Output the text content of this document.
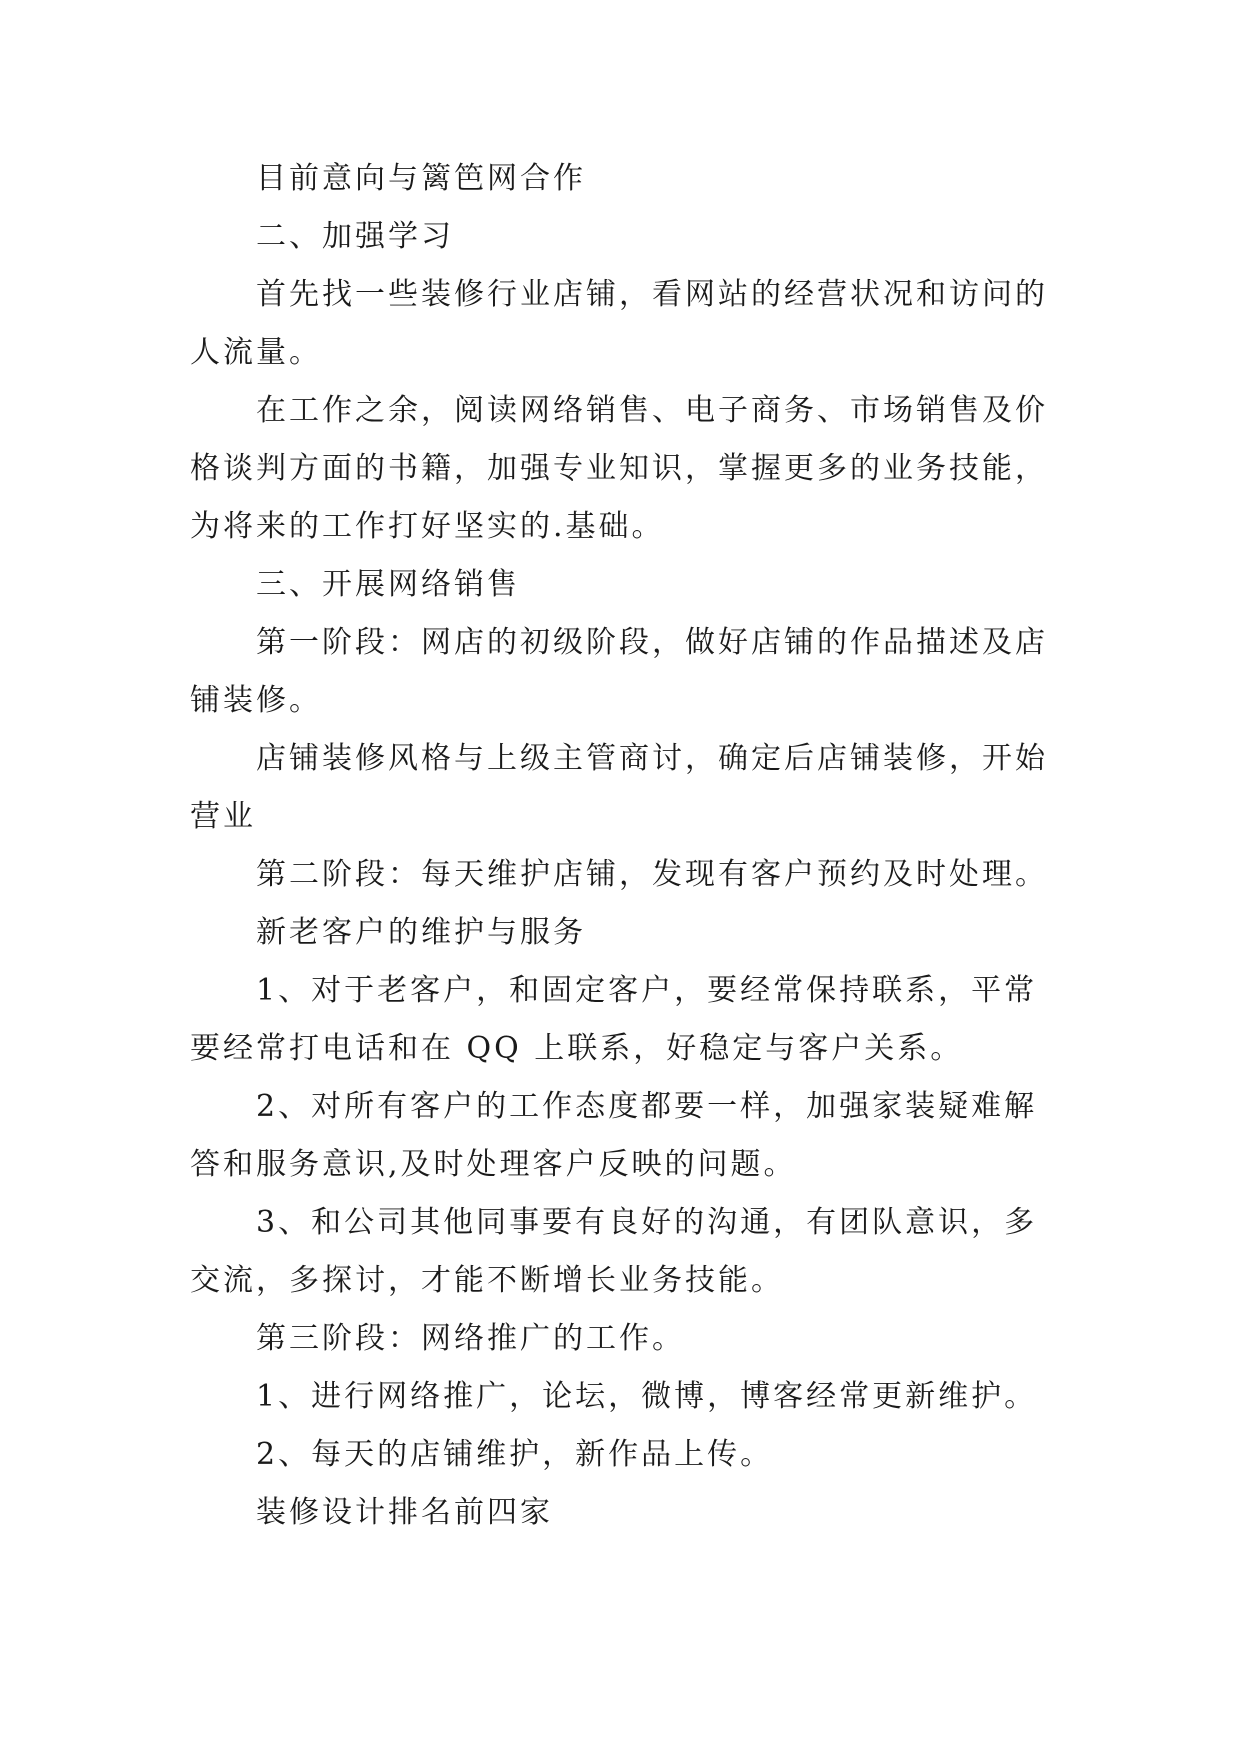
目前意向与篱笆网合作

二、加强学习

首先找一些装修行业店铺，看网站的经营状况和访问的
人流量。

在工作之余，阅读网络销售、电子商务、市场销售及价
格谈判方面的书籍，加强专业知识，掌握更多的业务技能，
为将来的工作打好坚实的.基础。

三、开展网络销售

第一阶段：网店的初级阶段，做好店铺的作品描述及店
铺装修。

店铺装修风格与上级主管商讨，确定后店铺装修，开始
营业

第二阶段：每天维护店铺，发现有客户预约及时处理。

新老客户的维护与服务

1、对于老客户，和固定客户，要经常保持联系，平常
要经常打电话和在 QQ 上联系，好稳定与客户关系。

2、对所有客户的工作态度都要一样，加强家装疑难解
答和服务意识,及时处理客户反映的问题。

3、和公司其他同事要有良好的沟通，有团队意识，多
交流，多探讨，才能不断增长业务技能。

第三阶段：网络推广的工作。

1、进行网络推广，论坛，微博，博客经常更新维护。

2、每天的店铺维护，新作品上传。

装修设计排名前四家
